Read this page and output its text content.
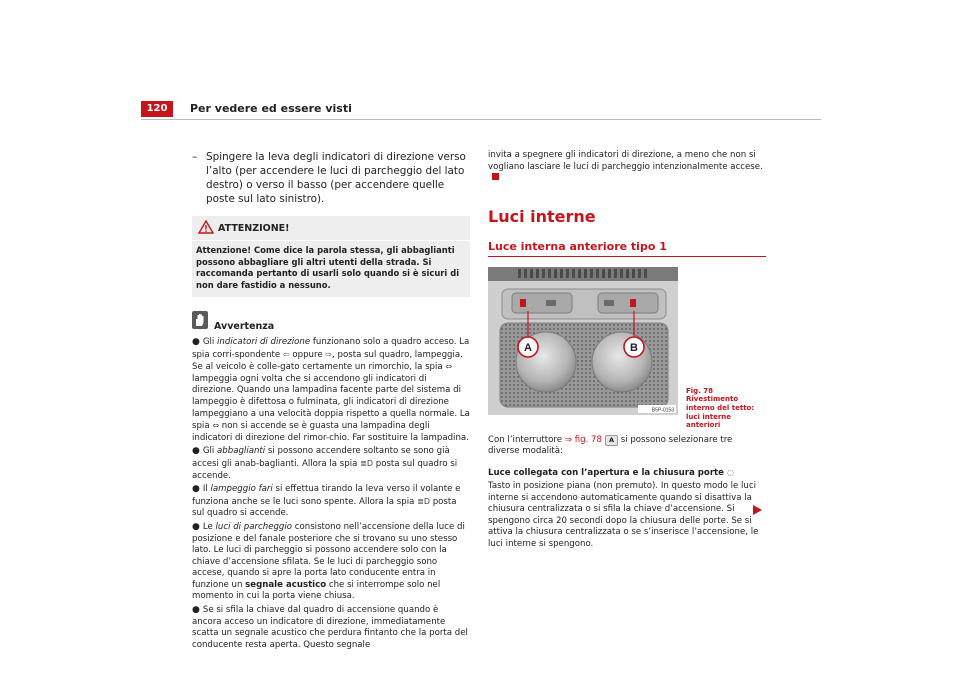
120	Per vedere ed essere visti
– Spingere la leva degli indicatori di direzione verso l’alto (per accendere le luci di parcheggio del lato destro) o verso il basso (per accendere quelle poste sul lato sinistro).
ATTENZIONE!
Attenzione! Come dice la parola stessa, gli abbaglianti possono abbagliare gli altri utenti della strada. Si raccomanda pertanto di usarli solo quando si è sicuri di non dare fastidio a nessuno.
Avvertenza
● Gli indicatori di direzione funzionano solo a quadro acceso. La spia corri-spondente ⇦ oppure ⇨, posta sul quadro, lampeggia. Se al veicolo è colle-gato certamente un rimorchio, la spia ⇔ lampeggia ogni volta che si accendono gli indicatori di direzione. Quando una lampadina facente parte del sistema di lampeggio è difettosa o fulminata, gli indicatori di direzione lampeggiano a una velocità doppia rispetto a quella normale. La spia ⇔ non si accende se è guasta una lampadina degli indicatori di direzione del rimor-chio. Far sostituire la lampadina.
● Gli abbaglianti si possono accendere soltanto se sono già accesi gli anab-baglianti. Allora la spia ≣D posta sul quadro si accende.
● Il lampeggio fari si effettua tirando la leva verso il volante e funziona anche se le luci sono spente. Allora la spia ≣D posta sul quadro si accende.
● Le luci di parcheggio consistono nell’accensione della luce di posizione e del fanale posteriore che si trovano su uno stesso lato. Le luci di parcheggio si possono accendere solo con la chiave d’accensione sfilata. Se le luci di parcheggio sono accese, quando si apre la porta lato conducente entra in funzione un segnale acustico che si interrompe solo nel momento in cui la porta viene chiusa.
● Se si sfila la chiave dal quadro di accensione quando è ancora acceso un indicatore di direzione, immediatamente scatta un segnale acustico che perdura fintanto che la porta del conducente resta aperta. Questo segnale
invita a spegnere gli indicatori di direzione, a meno che non si vogliano lasciare le luci di parcheggio intenzionalmente accese.
Luci interne
Luce interna anteriore tipo 1
A	B
B5P-0153
Fig. 78 Rivestimento interno del tetto: luci interne anteriori
Con l’interruttore ⇒ fig. 78 A si possono selezionare tre diverse modalità:
Luce collegata con l’apertura e la chiusura porte ◌
Tasto in posizione piana (non premuto). In questo modo le luci interne si accendono automaticamente quando si disattiva la chiusura centralizzata o si sfila la chiave d’accensione. Si spengono circa 20 secondi dopo la chiusura delle porte. Se si attiva la chiusura centralizzata o se s’inserisce l’accensione, le luci interne si spengono.
